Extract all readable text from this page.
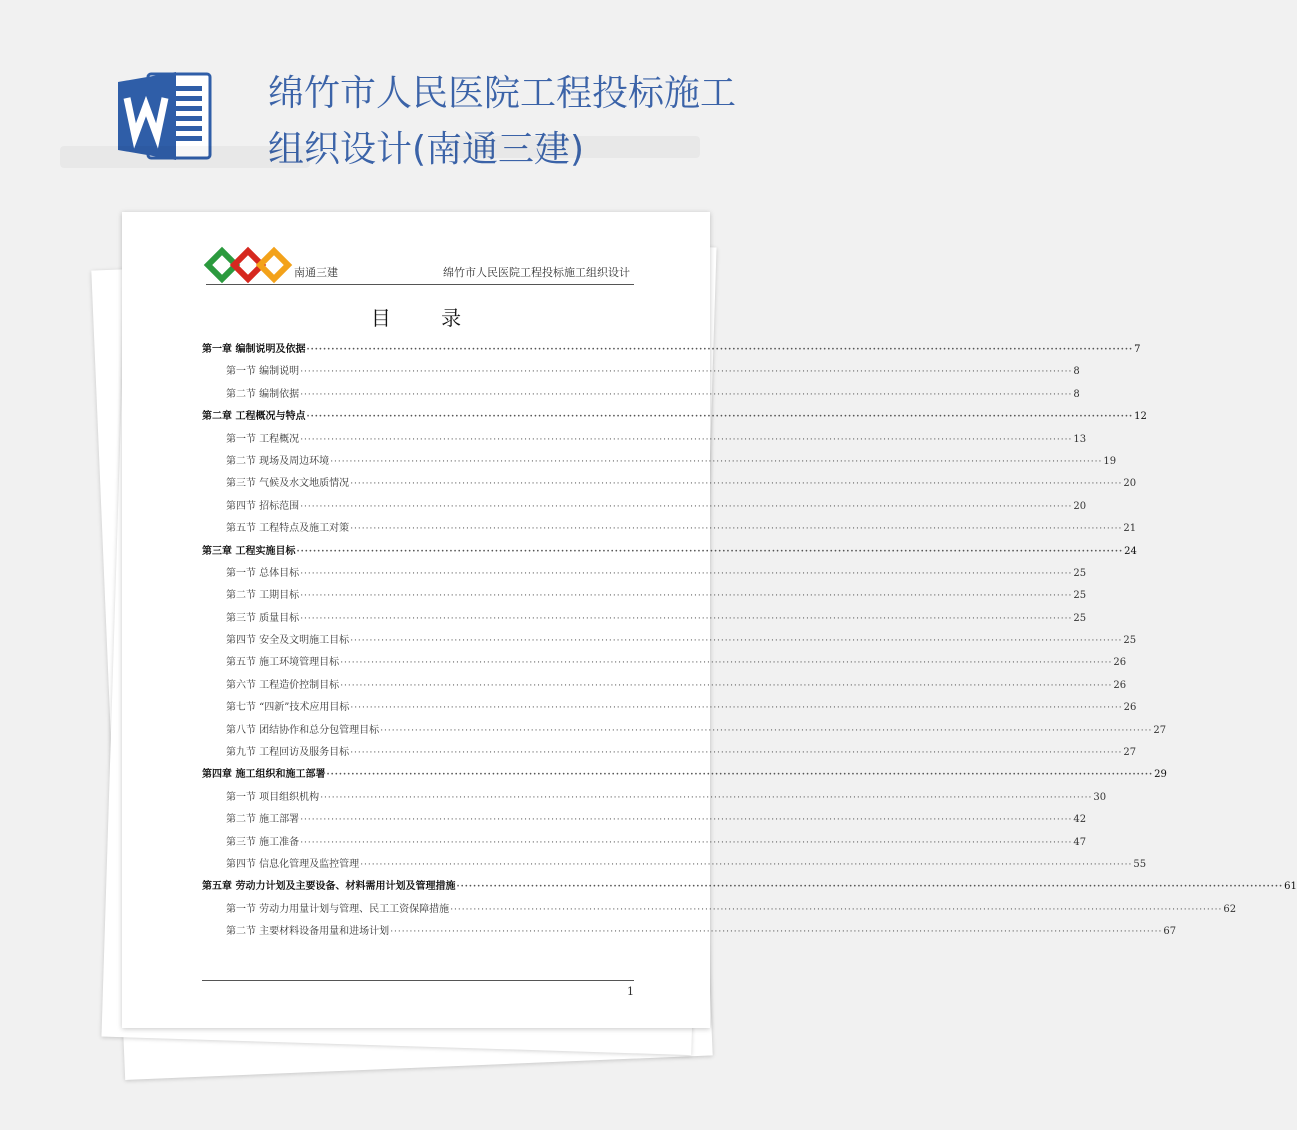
绵竹市人民医院工程投标施工组织设计(南通三建)
南通三建	绵竹市人民医院工程投标施工组织设计
目 录
第一章 编制说明及依据 ········································································································································································································ 7
第一节 编制说明 ········································································································································································································ 8
第二节 编制依据 ········································································································································································································ 8
第二章 工程概况与特点 ········································································································································································································ 12
第一节 工程概况 ········································································································································································································ 13
第二节 现场及周边环境 ········································································································································································································ 19
第三节 气候及水文地质情况 ········································································································································································································ 20
第四节 招标范围 ········································································································································································································ 20
第五节 工程特点及施工对策 ········································································································································································································ 21
第三章 工程实施目标 ········································································································································································································ 24
第一节 总体目标 ········································································································································································································ 25
第二节 工期目标 ········································································································································································································ 25
第三节 质量目标 ········································································································································································································ 25
第四节 安全及文明施工目标 ········································································································································································································ 25
第五节 施工环境管理目标 ········································································································································································································ 26
第六节 工程造价控制目标 ········································································································································································································ 26
第七节 “四新”技术应用目标 ········································································································································································································ 26
第八节 团结协作和总分包管理目标 ········································································································································································································ 27
第九节 工程回访及服务目标 ········································································································································································································ 27
第四章 施工组织和施工部署 ········································································································································································································ 29
第一节 项目组织机构 ········································································································································································································ 30
第二节 施工部署 ········································································································································································································ 42
第三节 施工准备 ········································································································································································································ 47
第四节 信息化管理及监控管理 ········································································································································································································ 55
第五章 劳动力计划及主要设备、材料需用计划及管理措施 ········································································································································································································ 61
第一节 劳动力用量计划与管理、民工工资保障措施 ········································································································································································································ 62
第二节 主要材料设备用量和进场计划 ········································································································································································································ 67
1
